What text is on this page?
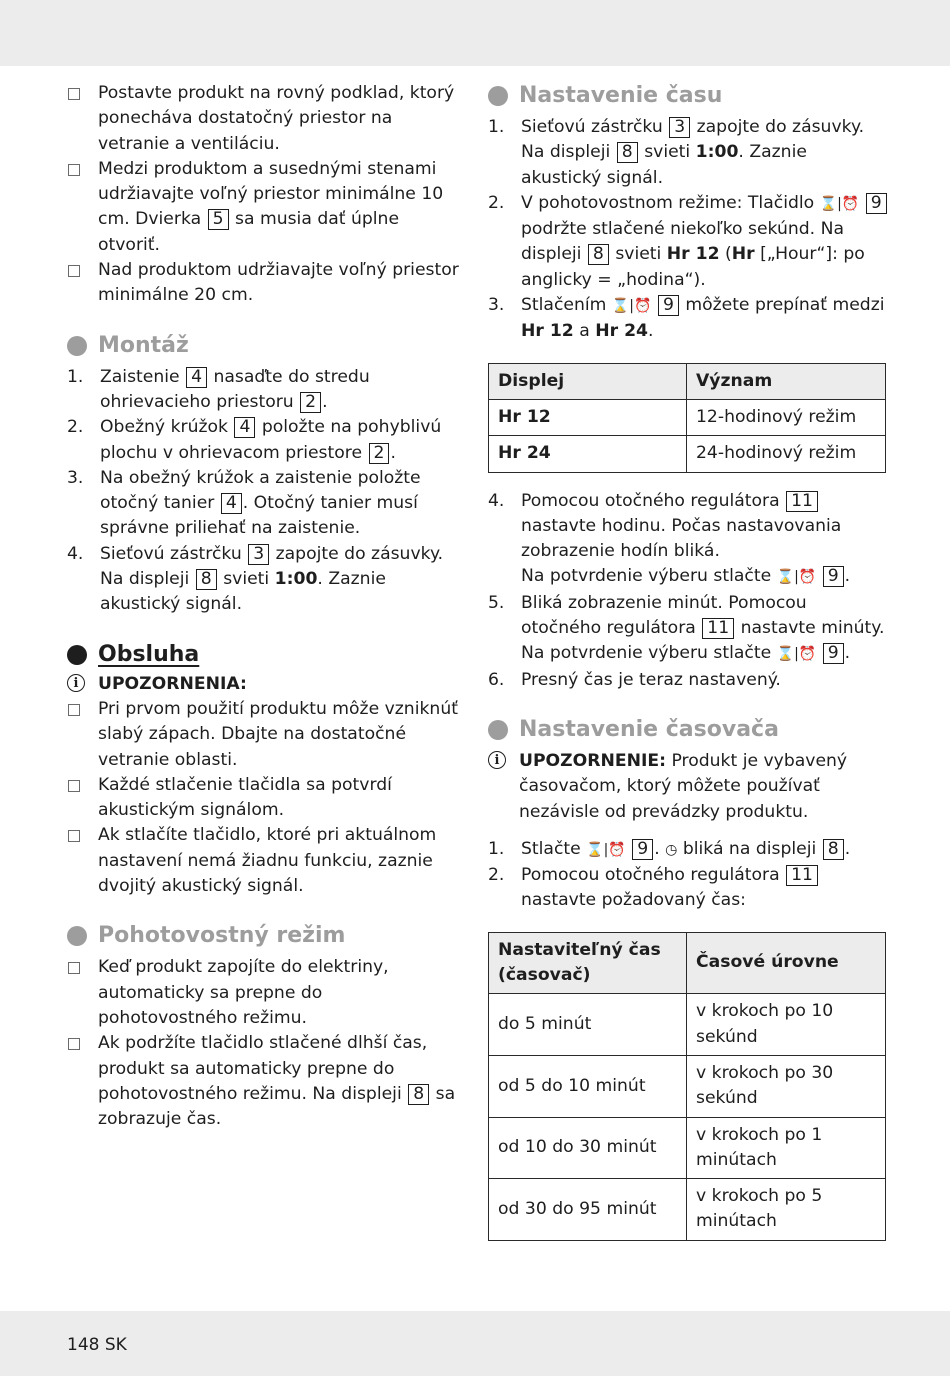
Postavte produkt na rovný podklad, ktorý ponecháva dostatočný priestor na vetranie a ventiláciu.
Medzi produktom a susednými stenami udržiavajte voľný priestor minimálne 10 cm. Dvierka 5 sa musia dať úplne otvoriť.
Nad produktom udržiavajte voľný priestor minimálne 20 cm.
Montáž
1. Zaistenie 4 nasaďte do stredu ohrievacieho priestoru 2 .
2. Obežný krúžok 4 položte na pohyblivú plochu v ohrievacom priestore 2 .
3. Na obežný krúžok a zaistenie položte otočný tanier 4 . Otočný tanier musí správne priliehať na zaistenie.
4. Sieťovú zástrčku 3 zapojte do zásuvky.
Na displeji 8 svieti 1:00. Zaznie akustický signál.
Obsluha
i	UPOZORNENIA:
Pri prvom použití produktu môže vzniknúť slabý zápach. Dbajte na dostatočné vetranie oblasti.
Každé stlačenie tlačidla sa potvrdí akustickým signálom.
Ak stlačíte tlačidlo, ktoré pri aktuálnom nastavení nemá žiadnu funkciu, zaznie dvojitý akustický signál.
Pohotovostný režim
Keď produkt zapojíte do elektriny, automaticky sa prepne do pohotovostného režimu.
Ak podržíte tlačidlo stlačené dlhší čas, produkt sa automaticky prepne do pohotovostného režimu. Na displeji 8 sa zobrazuje čas.
Nastavenie času
1. Sieťovú zástrčku 3 zapojte do zásuvky.
Na displeji 8 svieti 1:00. Zaznie akustický signál.
2. V pohotovostnom režime: Tlačidlo ⌛|⏰ 9 podržte stlačené niekoľko sekúnd. Na displeji 8 svieti Hr 12 (Hr [„Hour“]: po anglicky = „hodina“).
3. Stlačením ⌛|⏰ 9 môžete prepínať medzi Hr 12 a Hr 24.
Displej	Význam
Hr 12	12-hodinový režim
Hr 24	24-hodinový režim
4. Pomocou otočného regulátora 11 nastavte hodinu. Počas nastavovania zobrazenie hodín bliká.
Na potvrdenie výberu stlačte ⌛|⏰ 9 .
5. Bliká zobrazenie minút. Pomocou otočného regulátora 11 nastavte minúty.
Na potvrdenie výberu stlačte ⌛|⏰ 9 .
6. Presný čas je teraz nastavený.
Nastavenie časovača
i	UPOZORNENIE: Produkt je vybavený časovačom, ktorý môžete používať nezávisle od prevádzky produktu.
1. Stlačte ⌛|⏰ 9 . ◷ bliká na displeji 8 .
2. Pomocou otočného regulátora 11 nastavte požadovaný čas:
Nastaviteľný čas (časovač)	Časové úrovne
do 5 minút	v krokoch po 10 sekúnd
od 5 do 10 minút	v krokoch po 30 sekúnd
od 10 do 30 minút	v krokoch po 1 minútach
od 30 do 95 minút	v krokoch po 5 minútach
148 SK
